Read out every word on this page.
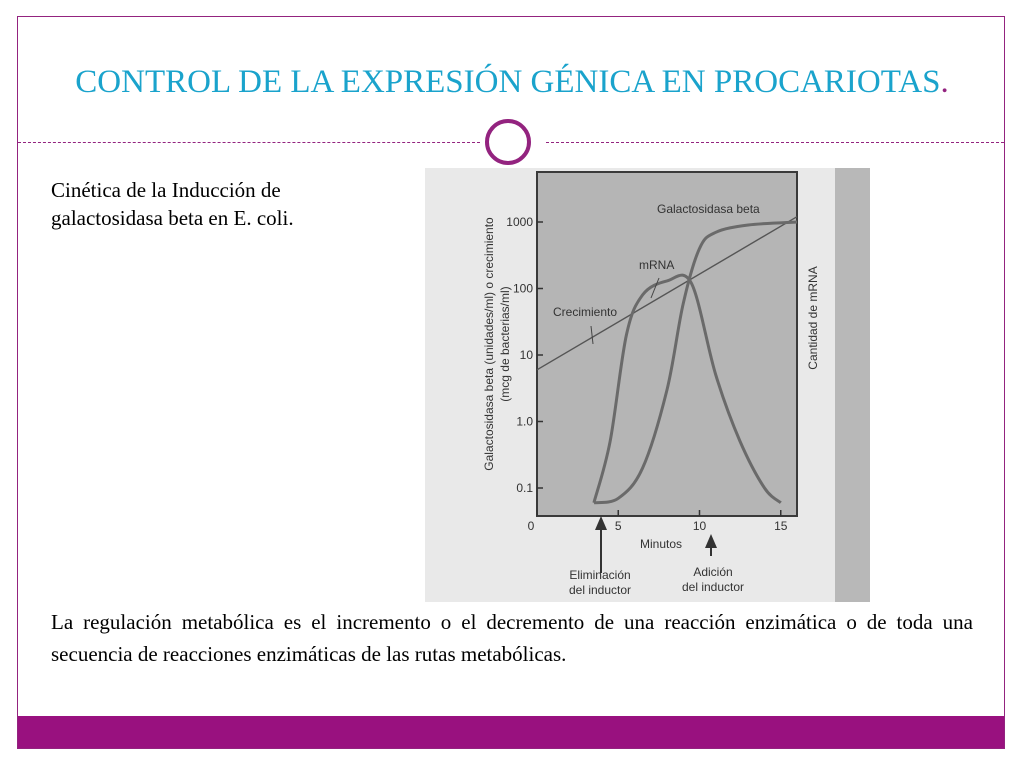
CONTROL DE LA EXPRESIÓN GÉNICA EN PROCARIOTAS.
Cinética de la Inducción de galactosidasa beta en E. coli.
0.1
1.0
10
100
1000
0	5	10	15
Galactosidasa beta (unidades/ml) o crecimiento (mcg de bacterias/ml)	Cantidad de mRNA
Minutos
Eliminación
del inductor
Adición
del inductor
Galactosidasa beta
mRNA
Crecimiento
La regulación metabólica es el incremento o el decremento de una reacción enzimática o de toda una secuencia de reacciones enzimáticas de las rutas metabólicas.
